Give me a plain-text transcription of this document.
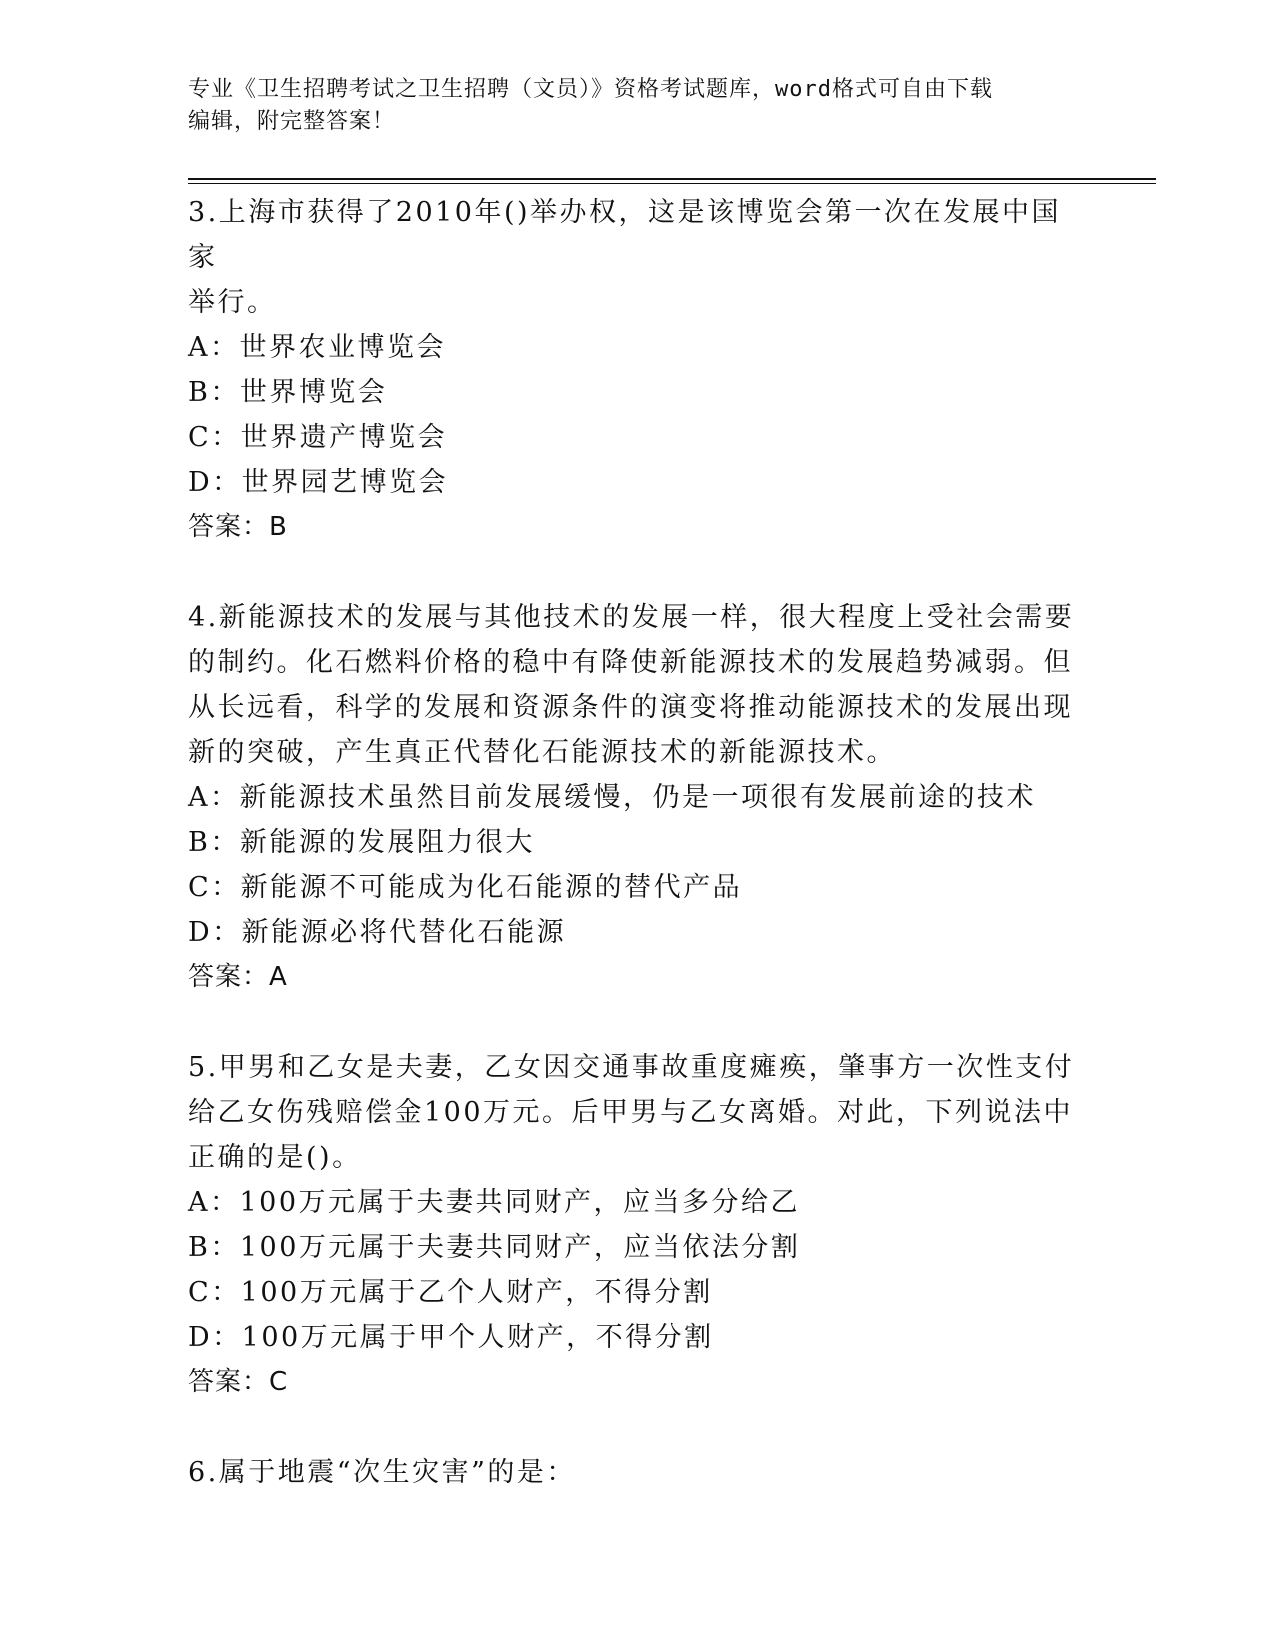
专业《卫生招聘考试之卫生招聘（文员）》资格考试题库，word格式可自由下载
编辑，附完整答案！

3.上海市获得了2010年()举办权，这是该博览会第一次在发展中国家

举行。

A：世界农业博览会

B：世界博览会

C：世界遗产博览会

D：世界园艺博览会

答案：B

4.新能源技术的发展与其他技术的发展一样，很大程度上受社会需要

的制约。化石燃料价格的稳中有降使新能源技术的发展趋势减弱。但

从长远看，科学的发展和资源条件的演变将推动能源技术的发展出现

新的突破，产生真正代替化石能源技术的新能源技术。

A：新能源技术虽然目前发展缓慢，仍是一项很有发展前途的技术

B：新能源的发展阻力很大

C：新能源不可能成为化石能源的替代产品

D：新能源必将代替化石能源

答案：A

5.甲男和乙女是夫妻，乙女因交通事故重度瘫痪，肇事方一次性支付

给乙女伤残赔偿金100万元。后甲男与乙女离婚。对此，下列说法中

正确的是()。

A：100万元属于夫妻共同财产，应当多分给乙

B：100万元属于夫妻共同财产，应当依法分割

C：100万元属于乙个人财产，不得分割

D：100万元属于甲个人财产，不得分割

答案：C

6.属于地震“次生灾害”的是：
